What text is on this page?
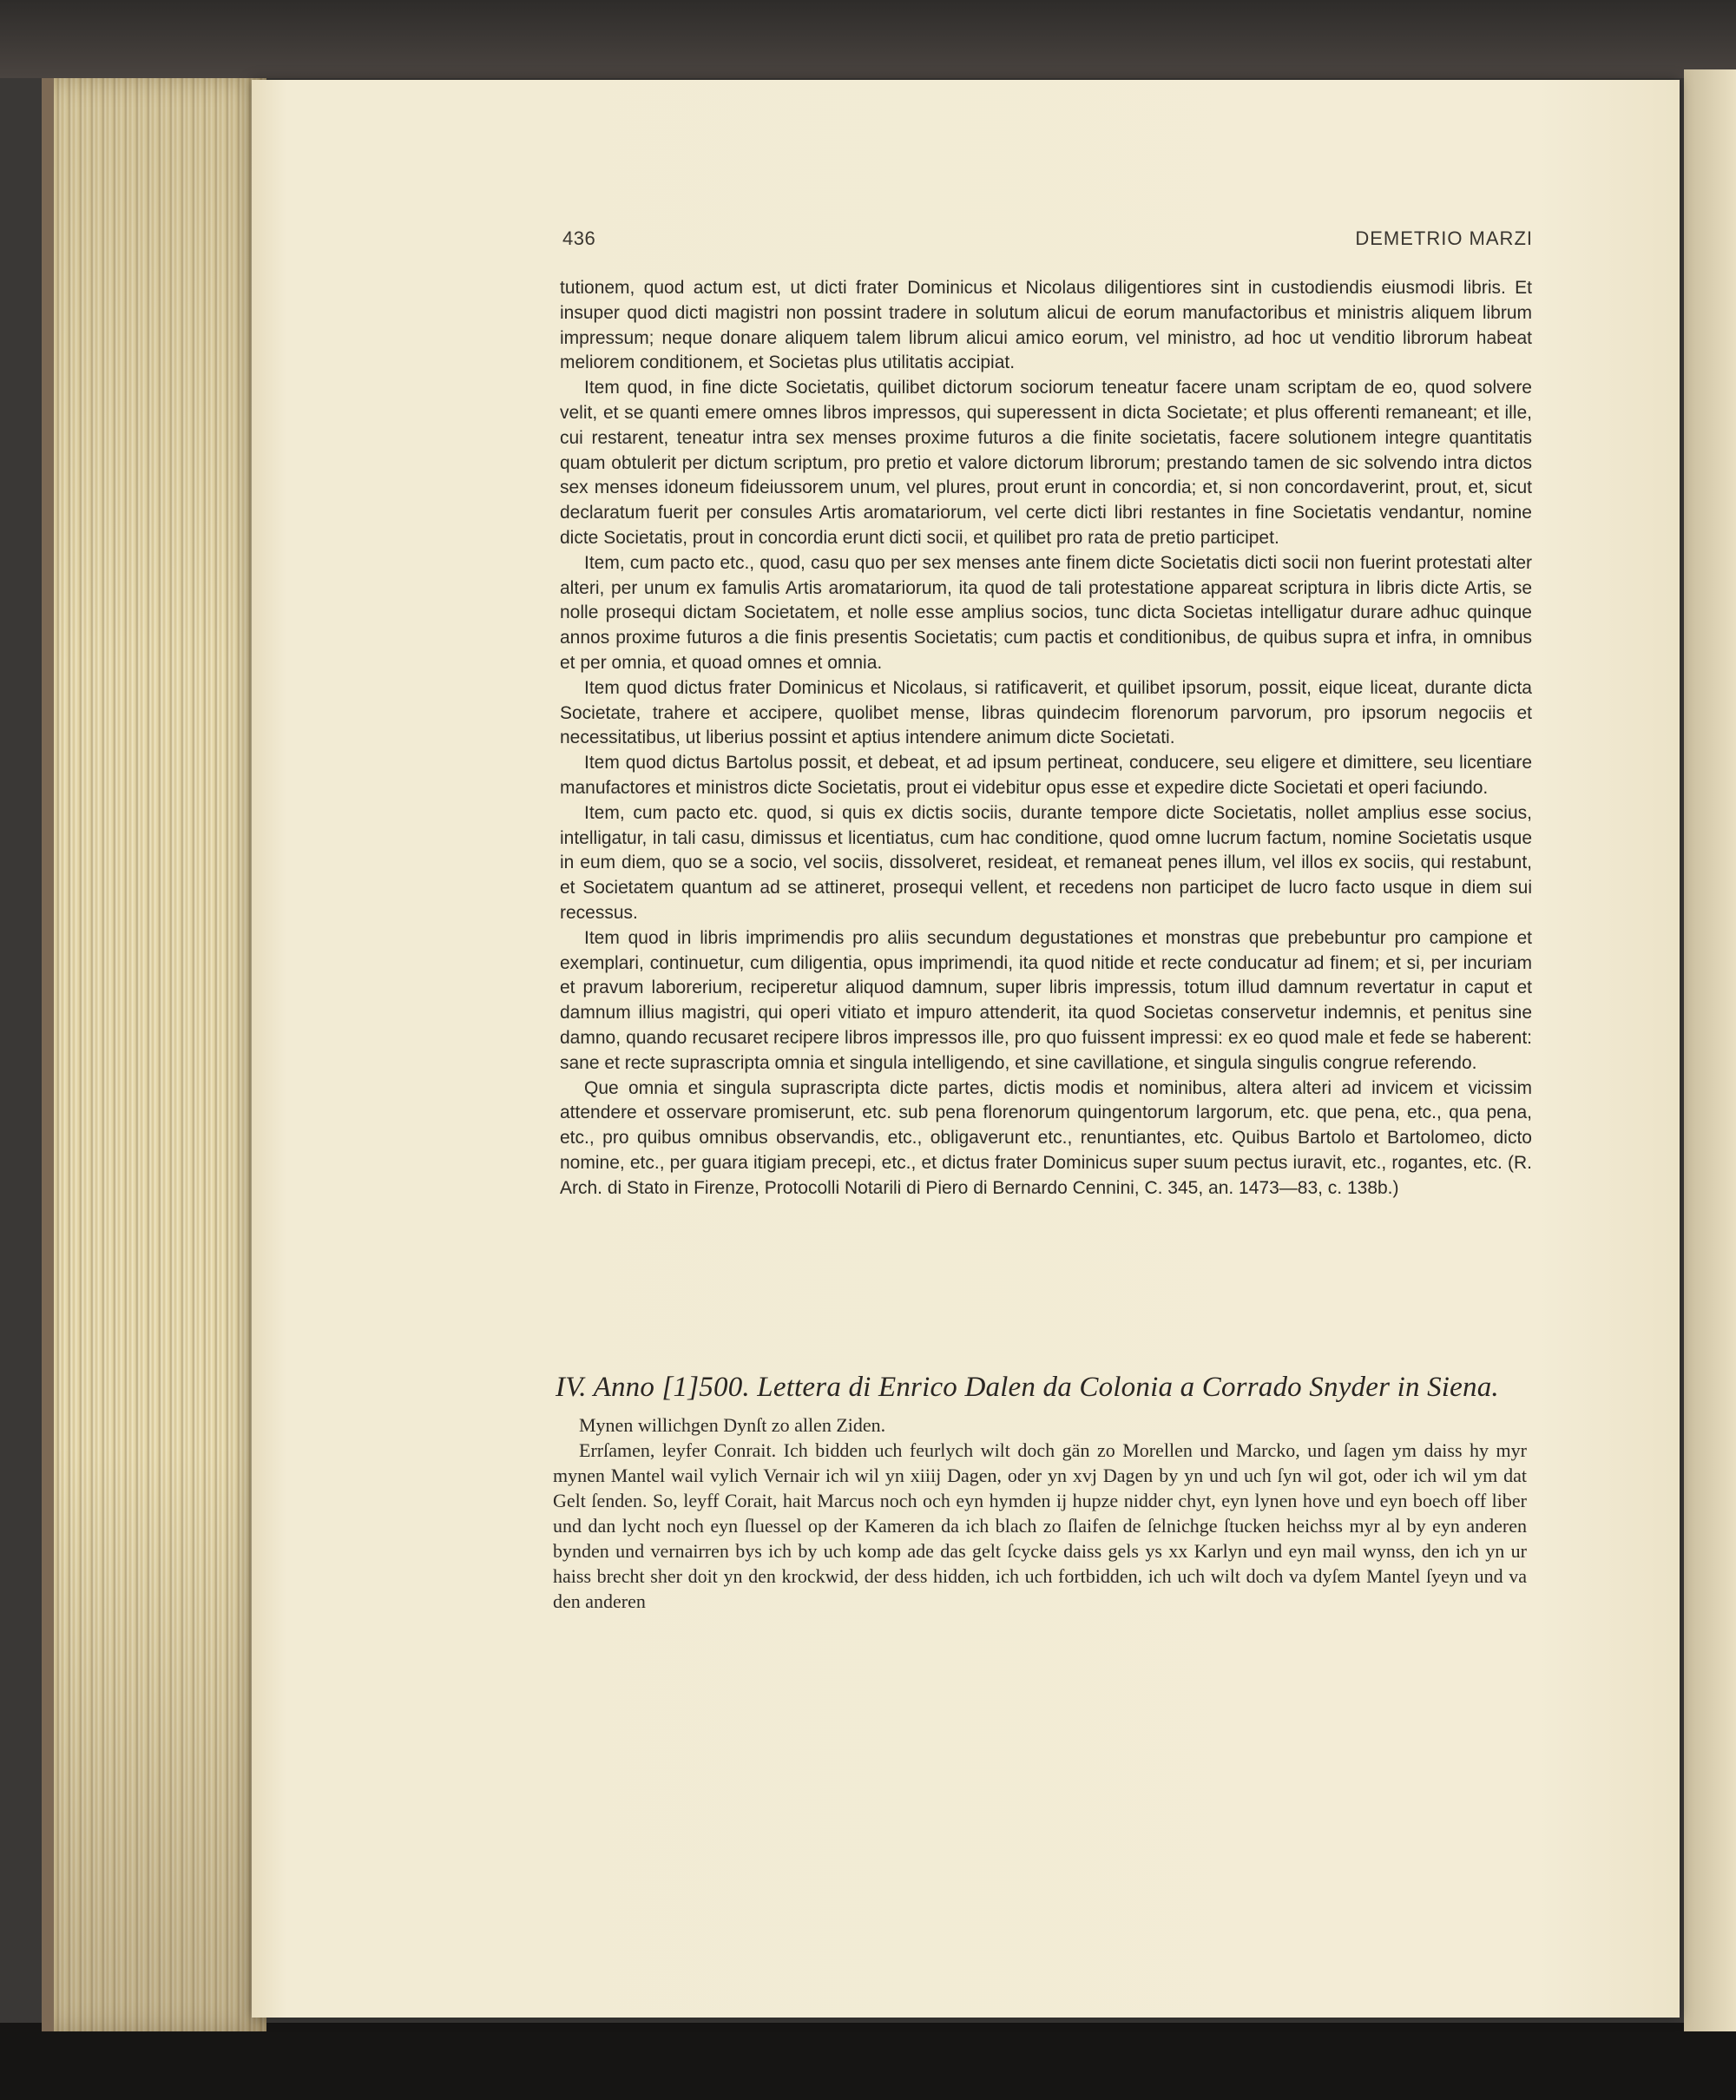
436	DEMETRIO MARZI

tutionem, quod actum est, ut dicti frater Dominicus et Nicolaus diligentiores sint in custodiendis eiusmodi libris. Et insuper quod dicti magistri non possint tradere in solutum alicui de eorum manufactoribus et ministris aliquem librum impressum; neque donare aliquem talem librum alicui amico eorum, vel ministro, ad hoc ut venditio librorum habeat meliorem conditionem, et Societas plus utilitatis accipiat.

Item quod, in fine dicte Societatis, quilibet dictorum sociorum teneatur facere unam scriptam de eo, quod solvere velit, et se quanti emere omnes libros impressos, qui superessent in dicta Societate; et plus offerenti remaneant; et ille, cui restarent, teneatur intra sex menses proxime futuros a die finite societatis, facere solutionem integre quantitatis quam obtulerit per dictum scriptum, pro pretio et valore dictorum librorum; prestando tamen de sic solvendo intra dictos sex menses idoneum fideiussorem unum, vel plures, prout erunt in concordia; et, si non concordaverint, prout, et, sicut declaratum fuerit per consules Artis aromatariorum, vel certe dicti libri restantes in fine Societatis vendantur, nomine dicte Societatis, prout in concordia erunt dicti socii, et quilibet pro rata de pretio participet.

Item, cum pacto etc., quod, casu quo per sex menses ante finem dicte Societatis dicti socii non fuerint protestati alter alteri, per unum ex famulis Artis aromatariorum, ita quod de tali protestatione appareat scriptura in libris dicte Artis, se nolle prosequi dictam Societatem, et nolle esse amplius socios, tunc dicta Societas intelligatur durare adhuc quinque annos proxime futuros a die finis presentis Societatis; cum pactis et conditionibus, de quibus supra et infra, in omnibus et per omnia, et quoad omnes et omnia.

Item quod dictus frater Dominicus et Nicolaus, si ratificaverit, et quilibet ipsorum, possit, eique liceat, durante dicta Societate, trahere et accipere, quolibet mense, libras quindecim florenorum parvorum, pro ipsorum negociis et necessitatibus, ut liberius possint et aptius intendere animum dicte Societati.

Item quod dictus Bartolus possit, et debeat, et ad ipsum pertineat, conducere, seu eligere et dimittere, seu licentiare manufactores et ministros dicte Societatis, prout ei videbitur opus esse et expedire dicte Societati et operi faciundo.

Item, cum pacto etc. quod, si quis ex dictis sociis, durante tempore dicte Societatis, nollet amplius esse socius, intelligatur, in tali casu, dimissus et licentiatus, cum hac conditione, quod omne lucrum factum, nomine Societatis usque in eum diem, quo se a socio, vel sociis, dissolveret, resideat, et remaneat penes illum, vel illos ex sociis, qui restabunt, et Societatem quantum ad se attineret, prosequi vellent, et recedens non participet de lucro facto usque in diem sui recessus.

Item quod in libris imprimendis pro aliis secundum degustationes et monstras que prebebuntur pro campione et exemplari, continuetur, cum diligentia, opus imprimendi, ita quod nitide et recte conducatur ad finem; et si, per incuriam et pravum laborerium, reciperetur aliquod damnum, super libris impressis, totum illud damnum revertatur in caput et damnum illius magistri, qui operi vitiato et impuro attenderit, ita quod Societas conservetur indemnis, et penitus sine damno, quando recusaret recipere libros impressos ille, pro quo fuissent impressi: ex eo quod male et fede se haberent: sane et recte suprascripta omnia et singula intelligendo, et sine cavillatione, et singula singulis congrue referendo.

Que omnia et singula suprascripta dicte partes, dictis modis et nominibus, altera alteri ad invicem et vicissim attendere et osservare promiserunt, etc. sub pena florenorum quingentorum largorum, etc. que pena, etc., qua pena, etc., pro quibus omnibus observandis, etc., obligaverunt etc., renuntiantes, etc. Quibus Bartolo et Bartolomeo, dicto nomine, etc., per guara itigiam precepi, etc., et dictus frater Dominicus super suum pectus iuravit, etc., rogantes, etc. (R. Arch. di Stato in Firenze, Protocolli Notarili di Piero di Bernardo Cennini, C. 345, an. 1473—83, c. 138b.)

IV. Anno [1]500. Lettera di Enrico Dalen da Colonia a Corrado Snyder in Siena.

Mynen willichgen Dynſt zo allen Ziden.

Errſamen, leyfer Conrait. Ich bidden uch feurlych wilt doch gän zo Morellen und Marcko, und ſagen ym daiss hy myr mynen Mantel wail vylich Vernair ich wil yn xiiij Dagen, oder yn xvj Dagen by yn und uch ſyn wil got, oder ich wil ym dat Gelt ſenden. So, leyff Corait, hait Marcus noch och eyn hymden ij hupze nidder chyt, eyn lynen hove und eyn boech off liber und dan lycht noch eyn ſluessel op der Kameren da ich blach zo ſlaifen de ſelnichge ſtucken heichss myr al by eyn anderen bynden und vernairren bys ich by uch komp ade das gelt ſcycke daiss gels ys xx Karlyn und eyn mail wynss, den ich yn ur haiss brecht sher doit yn den krockwid, der dess hidden, ich uch fortbidden, ich uch wilt doch va dyſem Mantel ſyeyn und va den anderen
